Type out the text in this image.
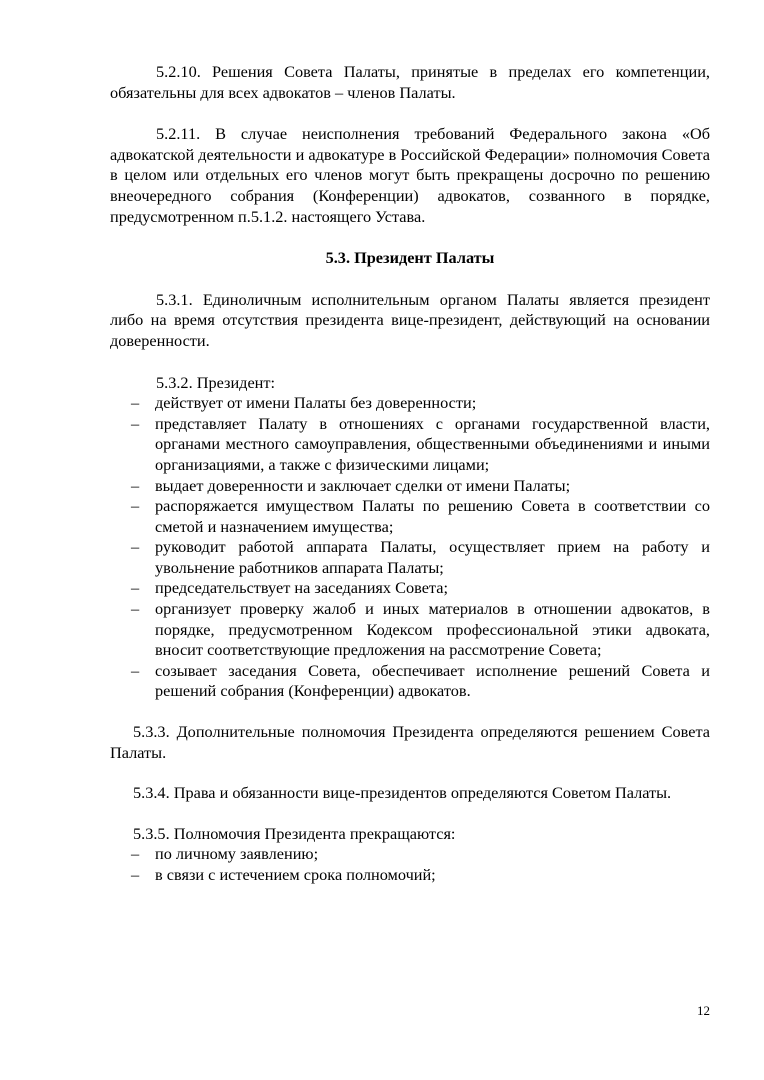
5.2.10. Решения Совета Палаты, принятые в пределах его компетенции, обязательны для всех адвокатов – членов Палаты.

5.2.11. В случае неисполнения требований Федерального закона «Об адвокатской деятельности и адвокатуре в Российской Федерации» полномочия Совета в целом или отдельных его членов могут быть прекращены досрочно по решению внеочередного собрания (Конференции) адвокатов, созванного в порядке, предусмотренном п.5.1.2. настоящего Устава.

5.3. Президент Палаты

5.3.1. Единоличным исполнительным органом Палаты является президент либо на время отсутствия президента вице-президент, действующий на основании доверенности.

5.3.2. Президент:

– действует от имени Палаты без доверенности;
– представляет Палату в отношениях с органами государственной власти, органами местного самоуправления, общественными объединениями и иными организациями, а также с физическими лицами;
– выдает доверенности и заключает сделки от имени Палаты;
– распоряжается имуществом Палаты по решению Совета в соответствии со сметой и назначением имущества;
– руководит работой аппарата Палаты, осуществляет прием на работу и увольнение работников аппарата Палаты;
– председательствует на заседаниях Совета;
– организует проверку жалоб и иных материалов в отношении адвокатов, в порядке, предусмотренном Кодексом профессиональной этики адвоката, вносит соответствующие предложения на рассмотрение Совета;
– созывает заседания Совета, обеспечивает исполнение решений Совета и решений собрания (Конференции) адвокатов.

5.3.3. Дополнительные полномочия Президента определяются решением Совета Палаты.

5.3.4. Права и обязанности вице-президентов определяются Советом Палаты.

5.3.5. Полномочия Президента прекращаются:

– по личному заявлению;
– в связи с истечением срока полномочий;
12
